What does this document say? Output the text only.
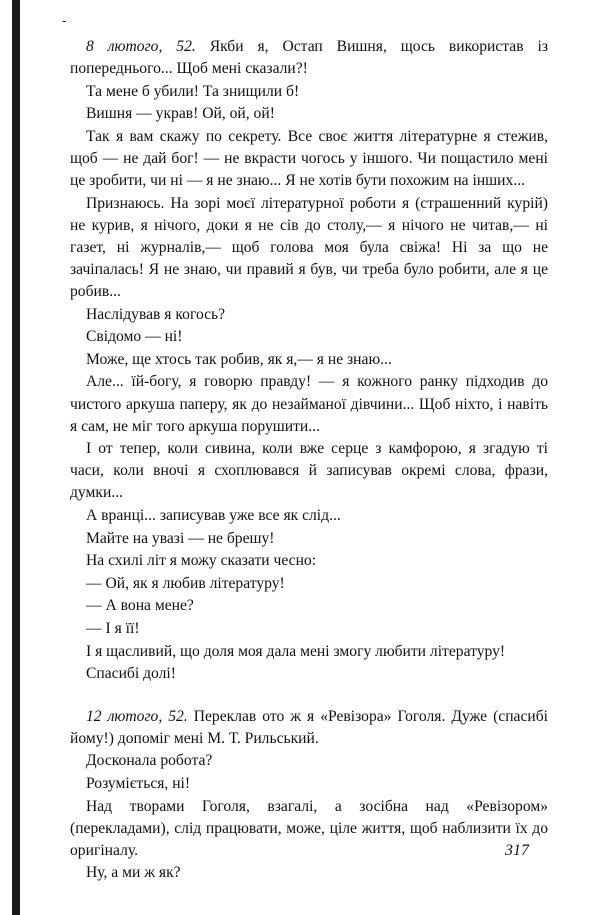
-

8 лютого, 52. Якби я, Остап Вишня, щось використав із попереднього... Щоб мені сказали?!

Та мене б убили! Та знищили б!

Вишня — украв! Ой, ой, ой!

Так я вам скажу по секрету. Все своє життя літературне я стежив, щоб — не дай бог! — не вкрасти чогось у іншого. Чи пощастило мені це зробити, чи ні — я не знаю... Я не хотів бути похожим на інших...

Признаюсь. На зорі моєї літературної роботи я (страшенний курій) не курив, я нічого, доки я не сів до столу,— я нічого не читав,— ні газет, ні журналів,— щоб голова моя була свіжа! Ні за що не зачіпалась! Я не знаю, чи правий я був, чи треба було робити, але я це робив...

Наслідував я когось?

Свідомо — ні!

Може, ще хтось так робив, як я,— я не знаю...

Але... їй-богу, я говорю правду! — я кожного ранку підходив до чистого аркуша паперу, як до незайманої дівчини... Щоб ніхто, і навіть я сам, не міг того аркуша порушити...

І от тепер, коли сивина, коли вже серце з камфорою, я згадую ті часи, коли вночі я схоплювався й записував окремі слова, фрази, думки...

А вранці... записував уже все як слід...

Майте на увазі — не брешу!

На схилі літ я можу сказати чесно:

— Ой, як я любив літературу!

— А вона мене?

— І я її!

І я щасливий, що доля моя дала мені змогу любити літературу!

Спасибі долі!

12 лютого, 52. Переклав ото ж я «Ревізора» Гоголя. Дуже (спасибі йому!) допоміг мені М. Т. Рильський.

Досконала робота?

Розуміється, ні!

Над творами Гоголя, взагалі, а зосібна над «Ревізором» (перекладами), слід працювати, може, ціле життя, щоб наблизити їх до оригіналу.

Ну, а ми ж як?

317
